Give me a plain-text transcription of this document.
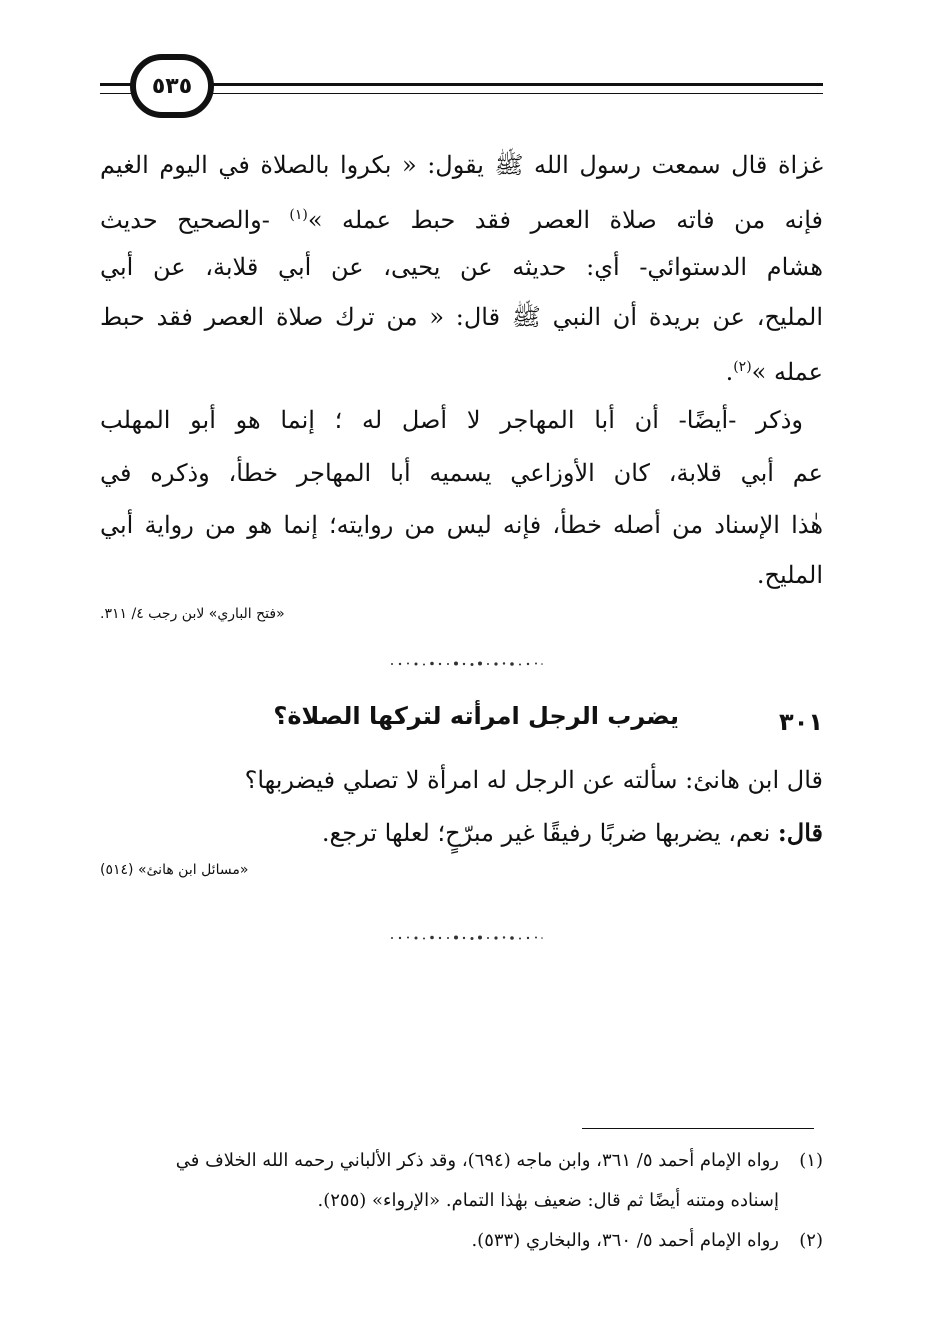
٥٣٥
غزاة قال سمعت رسول الله ﷺ يقول: « بكروا بالصلاة في اليوم الغيم
فإنه من فاته صلاة العصر فقد حبط عمله »$^{(١)}$ -والصحيح حديث
هشام الدستوائي- أي: حديثه عن يحيى، عن أبي قلابة، عن أبي
المليح، عن بريدة أن النبي ﷺ قال: « من ترك صلاة العصر فقد حبط
عمله »$^{(٢)}$.
وذكر -أيضًا- أن أبا المهاجر لا أصل له ؛ إنما هو أبو المهلب
عم أبي قلابة، كان الأوزاعي يسميه أبا المهاجر خطأ، وذكره في
هٰذا الإسناد من أصله خطأ، فإنه ليس من روايته؛ إنما هو من رواية أبي
المليح.
«فتح الباري» لابن رجب ٤/ ٣١١.
٣٠١
يضرب الرجل امرأته لتركها الصلاة؟
قال ابن هانئ: سألته عن الرجل له امرأة لا تصلي فيضربها؟
قال: نعم، يضربها ضربًا رفيقًا غير مبرّحٍ؛ لعلها ترجع.
«مسائل ابن هانئ» (٥١٤)
(١)رواه الإمام أحمد ٥/ ٣٦١، وابن ماجه (٦٩٤)، وقد ذكر الألباني رحمه الله الخلاف في
إسناده ومتنه أيضًا ثم قال: ضعيف بهٰذا التمام. «الإرواء» (٢٥٥).
(٢)رواه الإمام أحمد ٥/ ٣٦٠، والبخاري (٥٣٣).
